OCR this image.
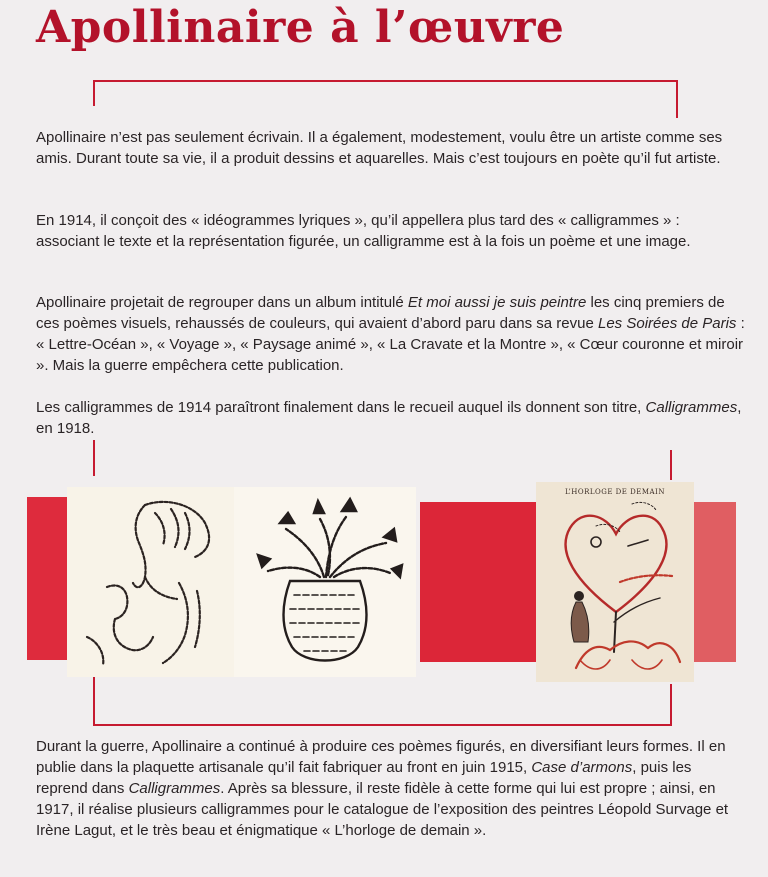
Apollinaire à l’œuvre

Apollinaire n’est pas seulement écrivain. Il a également, modestement, voulu être un artiste comme ses amis. Durant toute sa vie, il a produit dessins et aquarelles. Mais c’est toujours en poète qu’il fut artiste.

En 1914, il conçoit des « idéogrammes lyriques », qu’il appellera plus tard des « calligrammes » : associant le texte et la représentation figurée, un calligramme est à la fois un poème et une image.

Apollinaire projetait de regrouper dans un album intitulé Et moi aussi je suis peintre les cinq premiers de ces poèmes visuels, rehaussés de couleurs, qui avaient d’abord paru dans sa revue Les Soirées de Paris : « Lettre-Océan », « Voyage », « Paysage animé », « La Cravate et la Montre », « Cœur couronne et miroir ». Mais la guerre empêchera cette publication.

Les calligrammes de 1914 paraîtront finalement dans le recueil auquel ils donnent son titre, Calligrammes, en 1918.

L’HORLOGE DE DEMAIN

Durant la guerre, Apollinaire a continué à produire ces poèmes figurés, en diversifiant leurs formes. Il en publie dans la plaquette artisanale qu’il fait fabriquer au front en juin 1915, Case d’armons, puis les reprend dans Calligrammes. Après sa blessure, il reste fidèle à cette forme qui lui est propre ; ainsi, en 1917, il réalise plusieurs calligrammes pour le catalogue de l’exposition des peintres Léopold Survage et Irène Lagut, et le très beau et énigmatique « L’horloge de demain ».
